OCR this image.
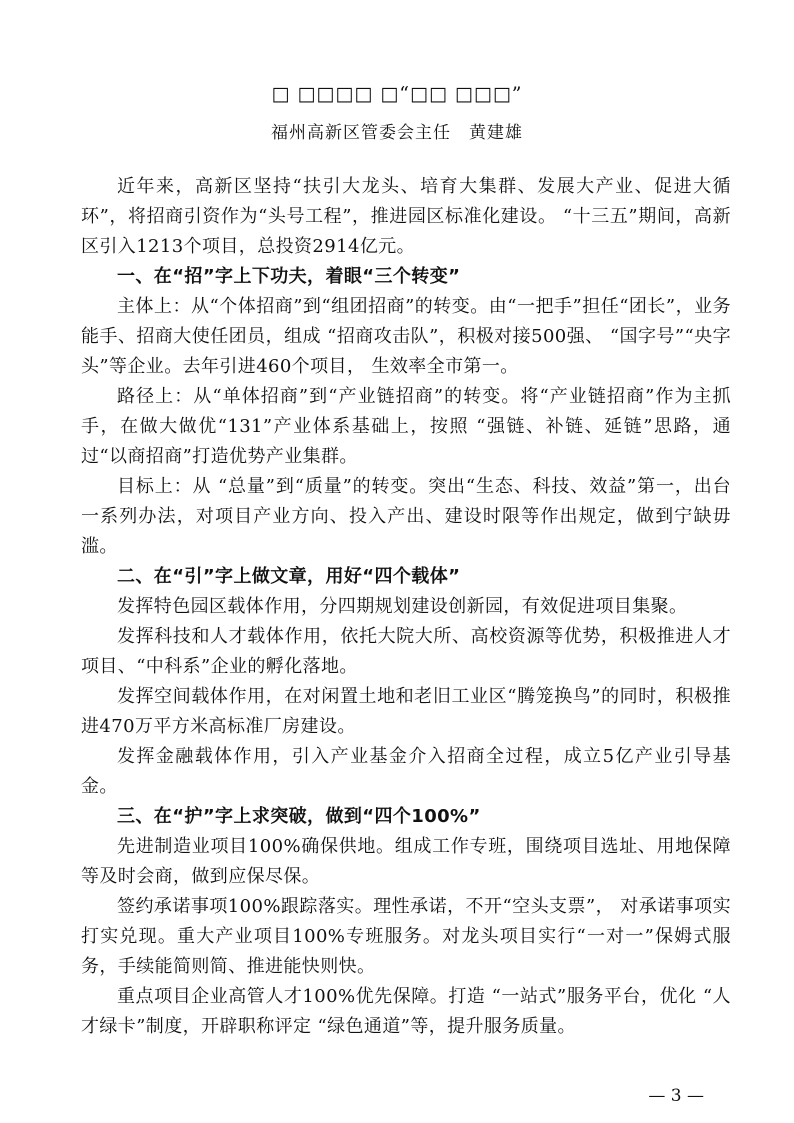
□ □□□□ □“□□ □□□”
福州高新区管委会主任　黄建雄

近年来，高新区坚持“扶引大龙头、培育大集群、发展大产业、促进大循环”，将招商引资作为“头号工程”，推进园区标准化建设。 “十三五”期间，高新区引入1213个项目，总投资2914亿元。

一、在“招”字上下功夫，着眼“三个转变”

主体上：从“个体招商”到“组团招商”的转变。由“一把手”担任“团长”，业务能手、招商大使任团员，组成 “招商攻击队”，积极对接500强、 “国字号”“央字头”等企业。去年引进460个项目， 生效率全市第一。

路径上：从“单体招商”到“产业链招商”的转变。将“产业链招商”作为主抓手，在做大做优“131”产业体系基础上，按照 “强链、补链、延链”思路，通过“以商招商”打造优势产业集群。

目标上：从 “总量”到“质量”的转变。突出“生态、科技、效益”第一，出台一系列办法，对项目产业方向、投入产出、建设时限等作出规定，做到宁缺毋滥。

二、在“引”字上做文章，用好“四个载体”

发挥特色园区载体作用，分四期规划建设创新园，有效促进项目集聚。

发挥科技和人才载体作用，依托大院大所、高校资源等优势，积极推进人才项目、“中科系”企业的孵化落地。

发挥空间载体作用，在对闲置土地和老旧工业区“腾笼换鸟”的同时，积极推进470万平方米高标准厂房建设。

发挥金融载体作用，引入产业基金介入招商全过程，成立5亿产业引导基金。

三、在“护”字上求突破，做到“四个100%”

先进制造业项目100%确保供地。组成工作专班，围绕项目选址、用地保障等及时会商，做到应保尽保。

签约承诺事项100%跟踪落实。理性承诺，不开“空头支票”， 对承诺事项实打实兑现。重大产业项目100%专班服务。对龙头项目实行“一对一”保姆式服务，手续能简则简、推进能快则快。

重点项目企业高管人才100%优先保障。打造 “一站式”服务平台，优化 “人才绿卡”制度，开辟职称评定 “绿色通道”等，提升服务质量。

— 3 —
